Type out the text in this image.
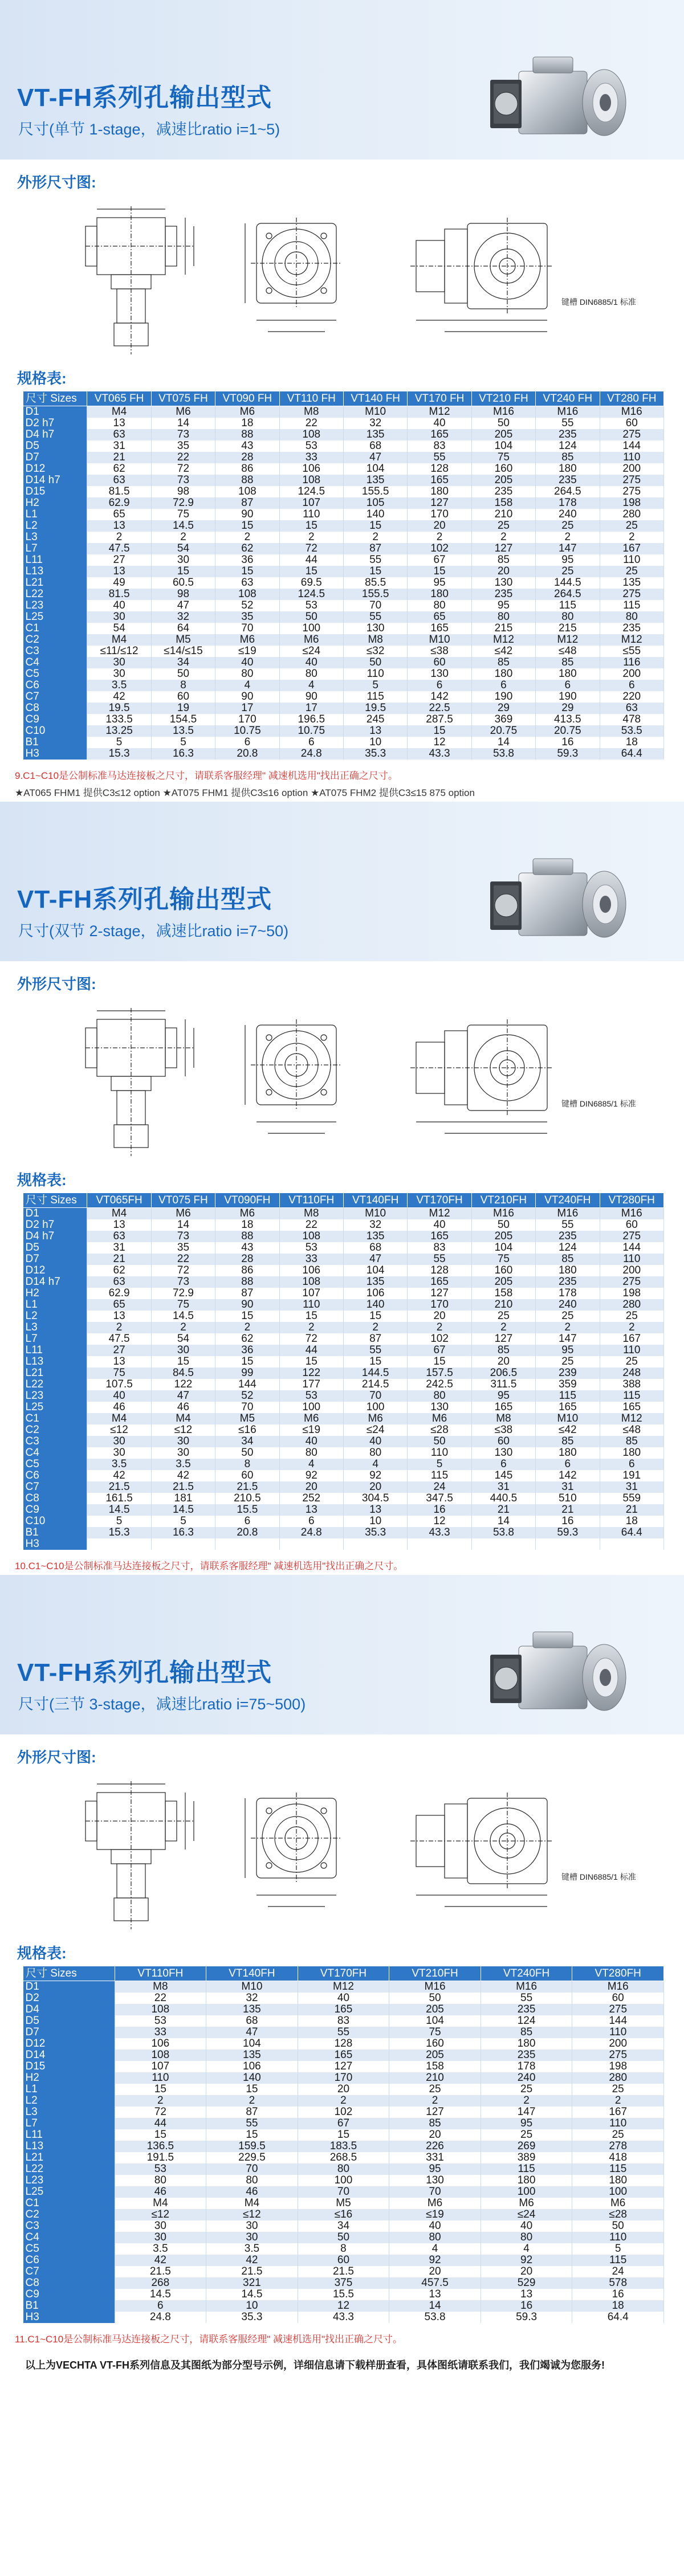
VT-FH系列孔输出型式
尺寸(单节 1-stage，减速比ratio i=1~5)
外形尺寸图:
键槽 DIN6885/1 标准
规格表:
尺寸 Sizes	VT065 FH	VT075 FH	VT090 FH	VT110 FH	VT140 FH	VT170 FH	VT210 FH	VT240 FH	VT280 FH
D1	M4	M6	M6	M8	M10	M12	M16	M16	M16
D2 h7	13	14	18	22	32	40	50	55	60
D4 h7	63	73	88	108	135	165	205	235	275
D5	31	35	43	53	68	83	104	124	144
D7	21	22	28	33	47	55	75	85	110
D12	62	72	86	106	104	128	160	180	200
D14 h7	63	73	88	108	135	165	205	235	275
D15	81.5	98	108	124.5	155.5	180	235	264.5	275
H2	62.9	72.9	87	107	105	127	158	178	198
L1	65	75	90	110	140	170	210	240	280
L2	13	14.5	15	15	15	20	25	25	25
L3	2	2	2	2	2	2	2	2	2
L7	47.5	54	62	72	87	102	127	147	167
L11	27	30	36	44	55	67	85	95	110
L13	13	15	15	15	15	15	20	25	25
L21	49	60.5	63	69.5	85.5	95	130	144.5	135
L22	81.5	98	108	124.5	155.5	180	235	264.5	275
L23	40	47	52	53	70	80	95	115	115
L25	30	32	35	50	55	65	80	80	80
C1	54	64	70	100	130	165	215	215	235
C2	M4	M5	M6	M6	M8	M10	M12	M12	M12
C3	≤11/≤12	≤14/≤15	≤19	≤24	≤32	≤38	≤42	≤48	≤55
C4	30	34	40	40	50	60	85	85	116
C5	30	50	80	80	110	130	180	180	200
C6	3.5	8	4	4	5	6	6	6	6
C7	42	60	90	90	115	142	190	190	220
C8	19.5	19	17	17	19.5	22.5	29	29	63
C9	133.5	154.5	170	196.5	245	287.5	369	413.5	478
C10	13.25	13.5	10.75	10.75	13	15	20.75	20.75	53.5
B1	5	5	6	6	10	12	14	16	18
H3	15.3	16.3	20.8	24.8	35.3	43.3	53.8	59.3	64.4
9.C1~C10是公制标准马达连接板之尺寸，请联系客服经理" 减速机选用"找出正确之尺寸。
★AT065 FHM1 提供C3≤12 option ★AT075 FHM1 提供C3≤16 option ★AT075 FHM2 提供C3≤15 875 option
VT-FH系列孔输出型式
尺寸(双节 2-stage，减速比ratio i=7~50)
外形尺寸图:
键槽 DIN6885/1 标准
规格表:
尺寸 Sizes	VT065FH	VT075 FH	VT090FH	VT110FH	VT140FH	VT170FH	VT210FH	VT240FH	VT280FH
D1	M4	M6	M6	M8	M10	M12	M16	M16	M16
D2 h7	13	14	18	22	32	40	50	55	60
D4 h7	63	73	88	108	135	165	205	235	275
D5	31	35	43	53	68	83	104	124	144
D7	21	22	28	33	47	55	75	85	110
D12	62	72	86	106	104	128	160	180	200
D14 h7	63	73	88	108	135	165	205	235	275
H2	62.9	72.9	87	107	106	127	158	178	198
L1	65	75	90	110	140	170	210	240	280
L2	13	14.5	15	15	15	20	25	25	25
L3	2	2	2	2	2	2	2	2	2
L7	47.5	54	62	72	87	102	127	147	167
L11	27	30	36	44	55	67	85	95	110
L13	13	15	15	15	15	15	20	25	25
L21	75	84.5	99	122	144.5	157.5	206.5	239	248
L22	107.5	122	144	177	214.5	242.5	311.5	359	388
L23	40	47	52	53	70	80	95	115	115
L25	46	46	70	100	100	130	165	165	165
C1	M4	M4	M5	M6	M6	M6	M8	M10	M12
C2	≤12	≤12	≤16	≤19	≤24	≤28	≤38	≤42	≤48
C3	30	30	34	40	40	50	60	85	85
C4	30	30	50	80	80	110	130	180	180
C5	3.5	3.5	8	4	4	5	6	6	6
C6	42	42	60	92	92	115	145	142	191
C7	21.5	21.5	21.5	20	20	24	31	31	31
C8	161.5	181	210.5	252	304.5	347.5	440.5	510	559
C9	14.5	14.5	15.5	13	13	16	21	21	21
C10	5	5	6	6	10	12	14	16	18
B1	15.3	16.3	20.8	24.8	35.3	43.3	53.8	59.3	64.4
H3									
10.C1~C10是公制标准马达连接板之尺寸，请联系客服经理" 减速机选用"找出正确之尺寸。
VT-FH系列孔输出型式
尺寸(三节 3-stage，减速比ratio i=75~500)
外形尺寸图:
键槽 DIN6885/1 标准
规格表:
尺寸 Sizes	VT110FH	VT140FH	VT170FH	VT210FH	VT240FH	VT280FH
D1	M8	M10	M12	M16	M16	M16
D2	22	32	40	50	55	60
D4	108	135	165	205	235	275
D5	53	68	83	104	124	144
D7	33	47	55	75	85	110
D12	106	104	128	160	180	200
D14	108	135	165	205	235	275
D15	107	106	127	158	178	198
H2	110	140	170	210	240	280
L1	15	15	20	25	25	25
L2	2	2	2	2	2	2
L3	72	87	102	127	147	167
L7	44	55	67	85	95	110
L11	15	15	15	20	25	25
L13	136.5	159.5	183.5	226	269	278
L21	191.5	229.5	268.5	331	389	418
L22	53	70	80	95	115	115
L23	80	80	100	130	180	180
L25	46	46	70	70	100	100
C1	M4	M4	M5	M6	M6	M6
C2	≤12	≤12	≤16	≤19	≤24	≤28
C3	30	30	34	40	40	50
C4	30	30	50	80	80	110
C5	3.5	3.5	8	4	4	5
C6	42	42	60	92	92	115
C7	21.5	21.5	21.5	20	20	24
C8	268	321	375	457.5	529	578
C9	14.5	14.5	15.5	13	13	16
B1	6	10	12	14	16	18
H3	24.8	35.3	43.3	53.8	59.3	64.4
11.C1~C10是公制标准马达连接板之尺寸，请联系客服经理" 减速机选用"找出正确之尺寸。
以上为VECHTA VT-FH系列信息及其图纸为部分型号示例，详细信息请下载样册查看，具体图纸请联系我们，我们竭诚为您服务!
